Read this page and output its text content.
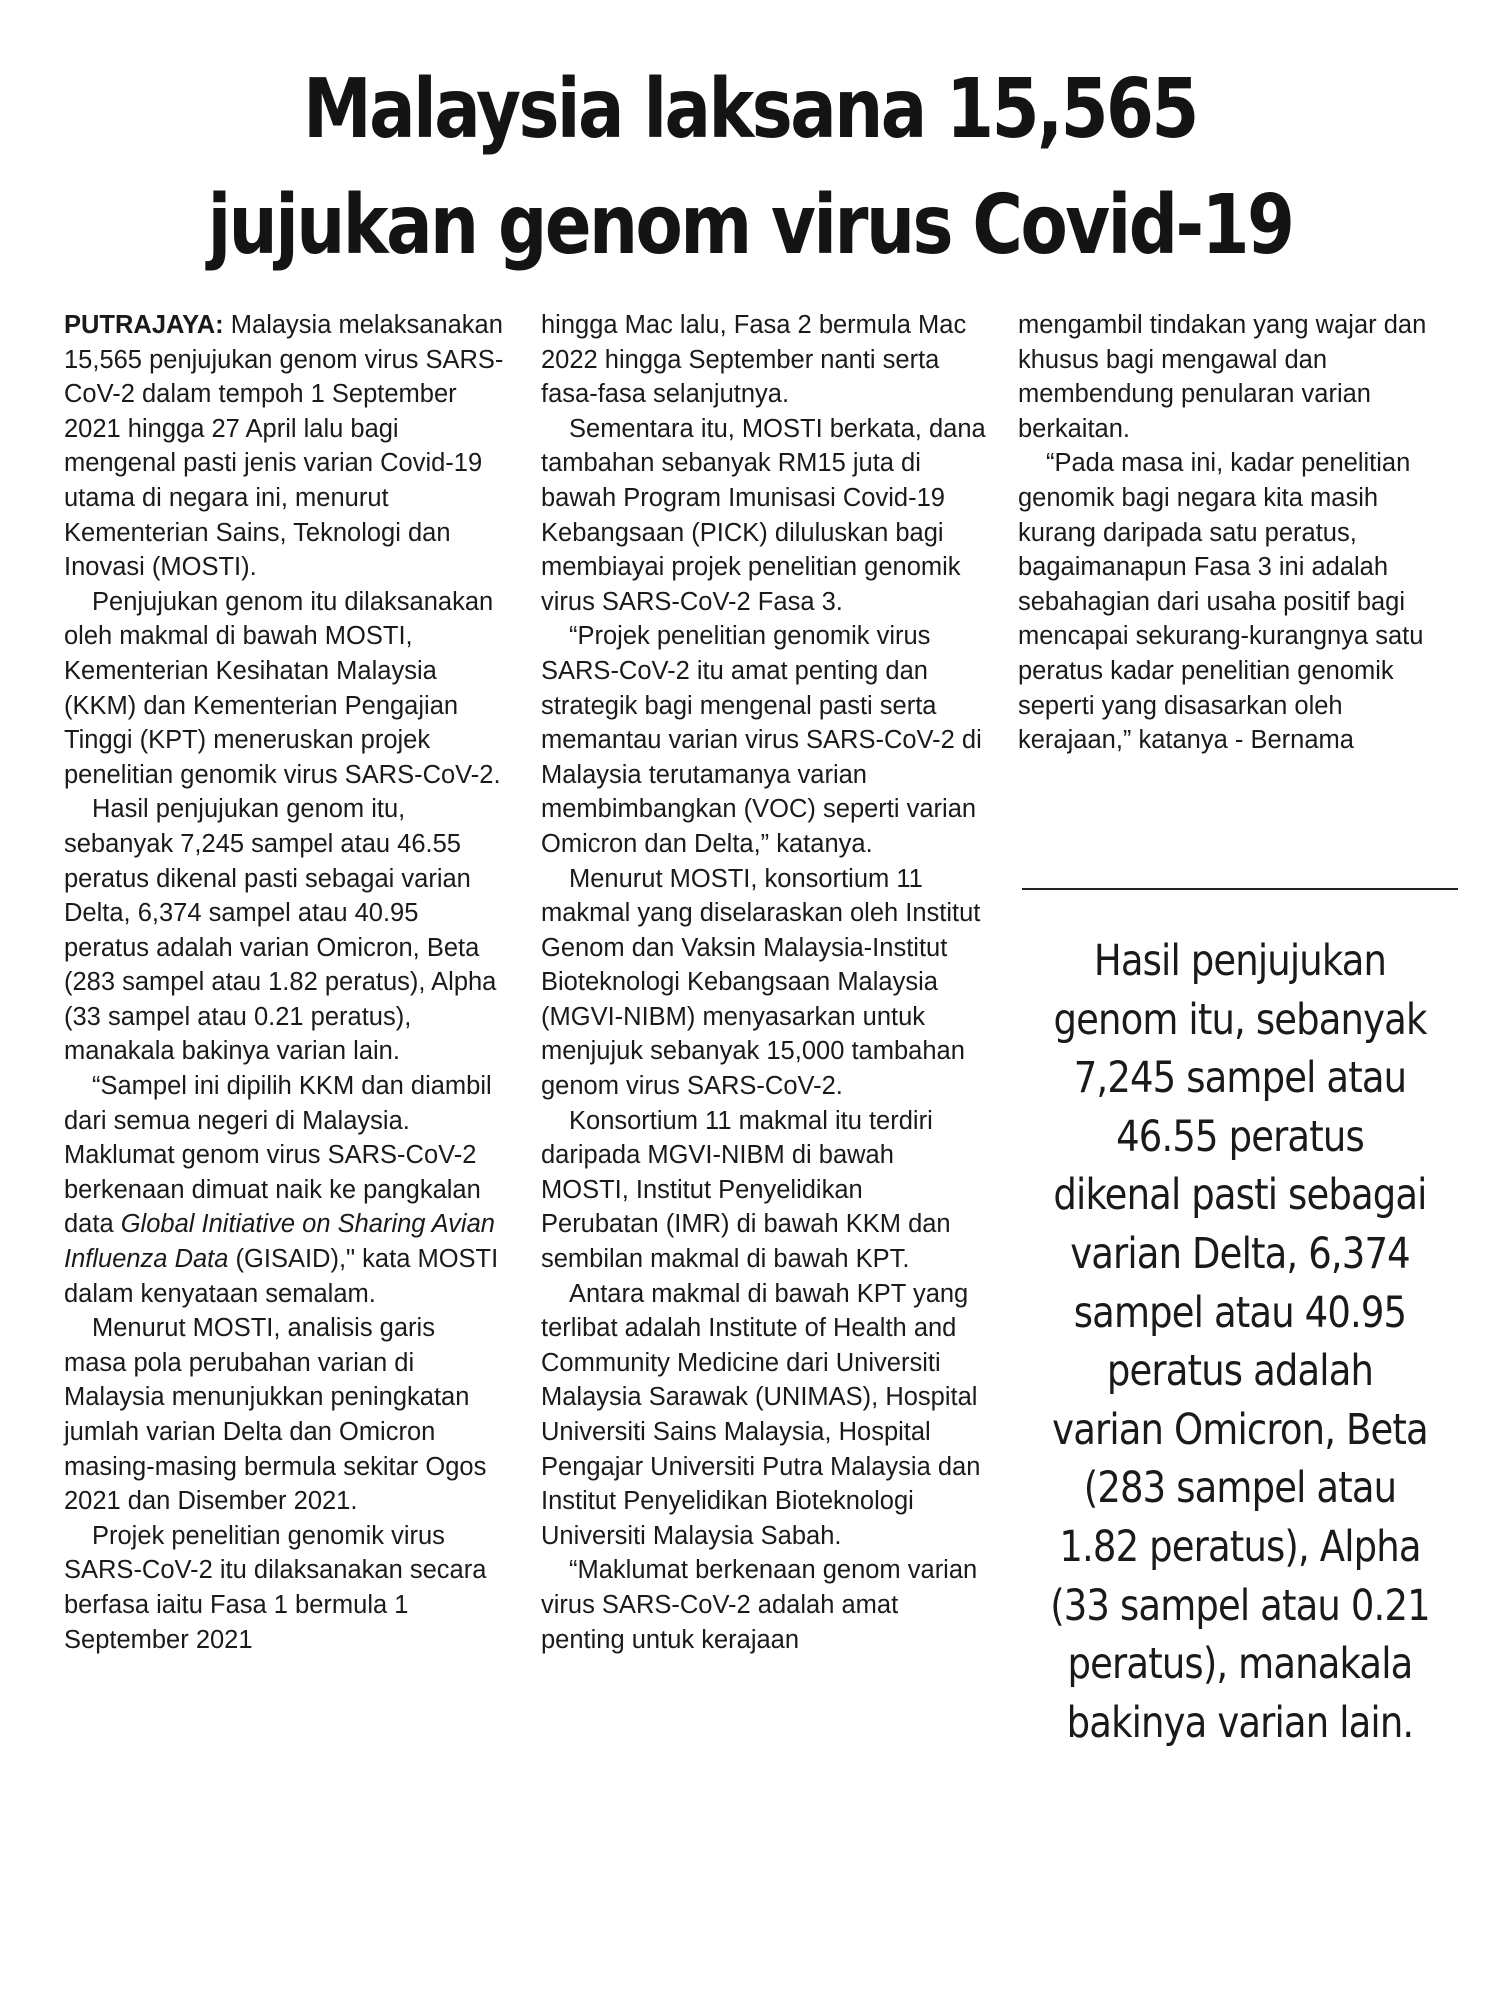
Malaysia laksana 15,565
jujukan genom virus Covid-19

PUTRAJAYA: Malaysia melaksanakan 15,565 penjujukan genom virus SARS-CoV-2 dalam tempoh 1 September 2021 hingga 27 April lalu bagi mengenal pasti jenis varian Covid-19 utama di negara ini, menurut Kementerian Sains, Teknologi dan Inovasi (MOSTI).

Penjujukan genom itu dilaksanakan oleh makmal di bawah MOSTI, Kementerian Kesihatan Malaysia (KKM) dan Kementerian Pengajian Tinggi (KPT) meneruskan projek penelitian genomik virus SARS-CoV-2.

Hasil penjujukan genom itu, sebanyak 7,245 sampel atau 46.55 peratus dikenal pasti sebagai varian Delta, 6,374 sampel atau 40.95 peratus adalah varian Omicron, Beta (283 sampel atau 1.82 peratus), Alpha (33 sampel atau 0.21 peratus), manakala bakinya varian lain.

“Sampel ini dipilih KKM dan diambil dari semua negeri di Malaysia. Maklumat genom virus SARS-CoV-2 berkenaan dimuat naik ke pangkalan data Global Initiative on Sharing Avian Influenza Data (GISAID)," kata MOSTI dalam kenyataan semalam.

Menurut MOSTI, analisis garis masa pola perubahan varian di Malaysia menunjukkan peningkatan jumlah varian Delta dan Omicron masing-masing bermula sekitar Ogos 2021 dan Disember 2021.

Projek penelitian genomik virus SARS-CoV-2 itu dilaksanakan secara berfasa iaitu Fasa 1 bermula 1 September 2021

hingga Mac lalu, Fasa 2 bermula Mac 2022 hingga September nanti serta fasa-fasa selanjutnya.

Sementara itu, MOSTI berkata, dana tambahan sebanyak RM15 juta di bawah Program Imunisasi Covid-19 Kebangsaan (PICK) diluluskan bagi membiayai projek penelitian genomik virus SARS-CoV-2 Fasa 3.

“Projek penelitian genomik virus SARS-CoV-2 itu amat penting dan strategik bagi mengenal pasti serta memantau varian virus SARS-CoV-2 di Malaysia terutamanya varian membimbangkan (VOC) seperti varian Omicron dan Delta,” katanya.

Menurut MOSTI, konsortium 11 makmal yang diselaraskan oleh Institut Genom dan Vaksin Malaysia-Institut Bioteknologi Kebangsaan Malaysia (MGVI-NIBM) menyasarkan untuk menjujuk sebanyak 15,000 tambahan genom virus SARS-CoV-2.

Konsortium 11 makmal itu terdiri daripada MGVI-NIBM di bawah MOSTI, Institut Penyelidikan Perubatan (IMR) di bawah KKM dan sembilan makmal di bawah KPT.

Antara makmal di bawah KPT yang terlibat adalah Institute of Health and Community Medicine dari Universiti Malaysia Sarawak (UNIMAS), Hospital Universiti Sains Malaysia, Hospital Pengajar Universiti Putra Malaysia dan Institut Penyelidikan Bioteknologi Universiti Malaysia Sabah.

“Maklumat berkenaan genom varian virus SARS-CoV-2 adalah amat penting untuk kerajaan

mengambil tindakan yang wajar dan khusus bagi mengawal dan membendung penularan varian berkaitan.

“Pada masa ini, kadar penelitian genomik bagi negara kita masih kurang daripada satu peratus, bagaimanapun Fasa 3 ini adalah sebahagian dari usaha positif bagi mencapai sekurang-kurangnya satu peratus kadar penelitian genomik seperti yang disasarkan oleh kerajaan,” katanya - Bernama

Hasil penjujukan genom itu, sebanyak 7,245 sampel atau 46.55 peratus dikenal pasti sebagai varian Delta, 6,374 sampel atau 40.95 peratus adalah varian Omicron, Beta (283 sampel atau 1.82 peratus), Alpha (33 sampel atau 0.21 peratus), manakala bakinya varian lain.
